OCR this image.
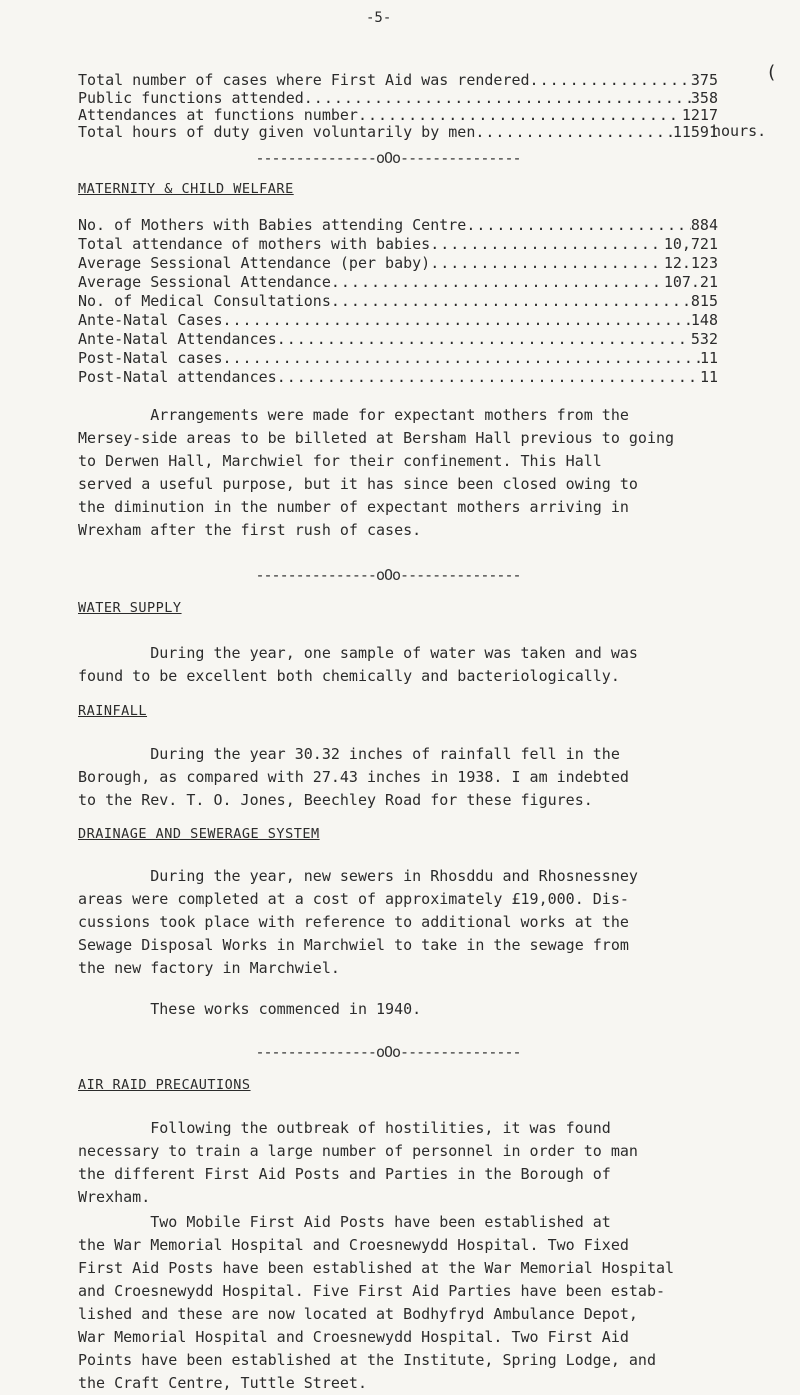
-5-
(
Total number of cases where First Aid was rendered .....	375
Public functions attended .....	358
Attendances at functions number .....	1217
Total hours of duty given voluntarily by men .....	11591
hours.
---------------oOo---------------
MATERNITY & CHILD WELFARE
No. of Mothers with Babies attending Centre .....	884
Total attendance of mothers with babies .....	10,721
Average Sessional Attendance (per baby) .....	12.123
Average Sessional Attendance .....	107.21
No. of Medical Consultations .....	815
Ante-Natal Cases .....	148
Ante-Natal Attendances .....	532
Post-Natal cases .....	11
Post-Natal attendances .....	11
Arrangements were made for expectant mothers from the
Mersey-side areas to be billeted at Bersham Hall previous to going
to Derwen Hall, Marchwiel for their confinement. This Hall
served a useful purpose, but it has since been closed owing to
the diminution in the number of expectant mothers arriving in
Wrexham after the first rush of cases.
---------------oOo---------------
WATER SUPPLY
During the year, one sample of water was taken and was
found to be excellent both chemically and bacteriologically.
RAINFALL
During the year 30.32 inches of rainfall fell in the
Borough, as compared with 27.43 inches in 1938. I am indebted
to the Rev. T. O. Jones, Beechley Road for these figures.
DRAINAGE AND SEWERAGE SYSTEM
During the year, new sewers in Rhosddu and Rhosnessney
areas were completed at a cost of approximately £19,000. Dis-
cussions took place with reference to additional works at the
Sewage Disposal Works in Marchwiel to take in the sewage from
the new factory in Marchwiel.
These works commenced in 1940.
---------------oOo---------------
AIR RAID PRECAUTIONS
Following the outbreak of hostilities, it was found
necessary to train a large number of personnel in order to man
the different First Aid Posts and Parties in the Borough of
Wrexham.
Two Mobile First Aid Posts have been established at
the War Memorial Hospital and Croesnewydd Hospital. Two Fixed
First Aid Posts have been established at the War Memorial Hospital
and Croesnewydd Hospital. Five First Aid Parties have been estab-
lished and these are now located at Bodhyfryd Ambulance Depot,
War Memorial Hospital and Croesnewydd Hospital. Two First Aid
Points have been established at the Institute, Spring Lodge, and
the Craft Centre, Tuttle Street.
